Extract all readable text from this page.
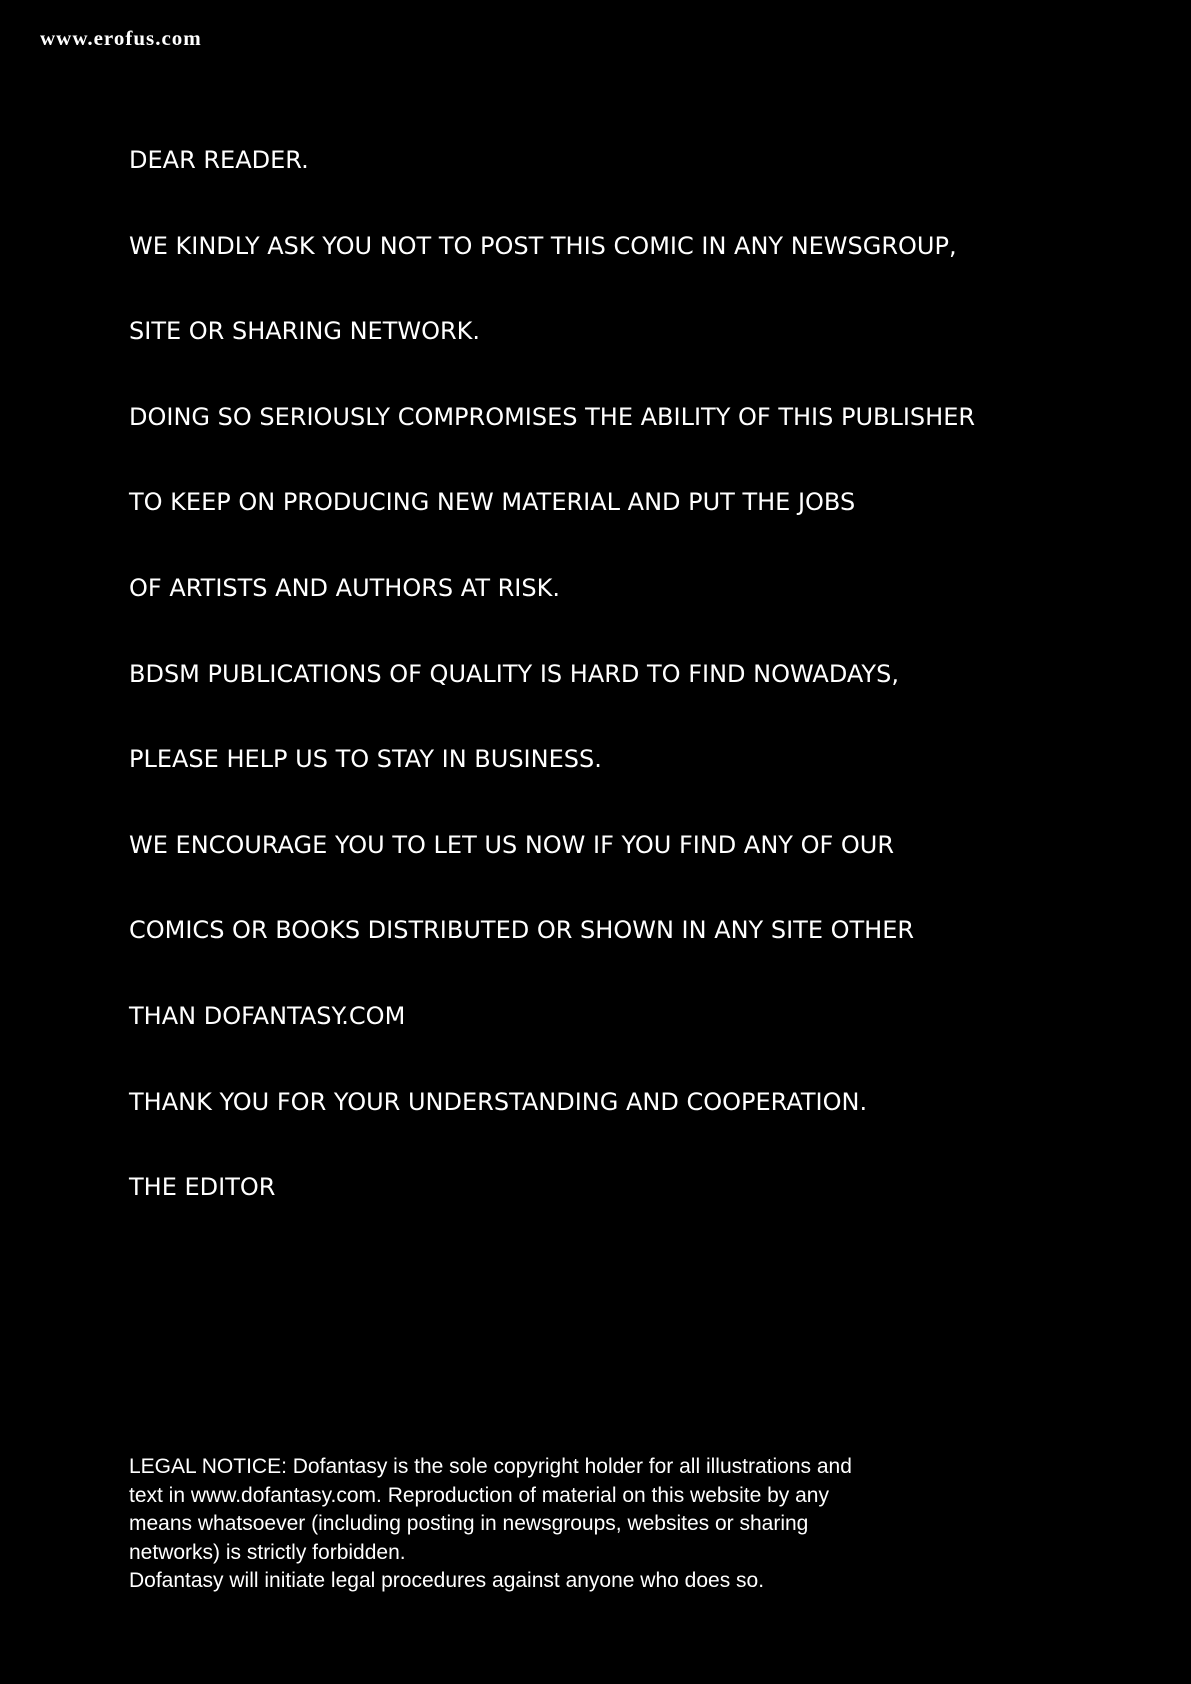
www.erofus.com
DEAR READER.
WE KINDLY ASK YOU NOT TO POST THIS COMIC IN ANY NEWSGROUP,
SITE OR SHARING NETWORK.
DOING SO SERIOUSLY COMPROMISES THE ABILITY OF THIS PUBLISHER
TO KEEP ON PRODUCING NEW MATERIAL AND PUT THE JOBS
OF ARTISTS AND AUTHORS AT RISK.
BDSM PUBLICATIONS OF QUALITY IS HARD TO FIND NOWADAYS,
PLEASE HELP US TO STAY IN BUSINESS.
WE ENCOURAGE YOU TO LET US NOW IF YOU FIND ANY OF OUR
COMICS OR BOOKS DISTRIBUTED OR SHOWN IN ANY SITE OTHER
THAN DOFANTASY.COM
THANK YOU FOR YOUR UNDERSTANDING AND COOPERATION.
THE EDITOR
LEGAL NOTICE: Dofantasy is the sole copyright holder for all illustrations and
text in www.dofantasy.com. Reproduction of material on this website by any
means whatsoever (including posting in newsgroups, websites or sharing
networks) is strictly forbidden.
Dofantasy will initiate legal procedures against anyone who does so.
